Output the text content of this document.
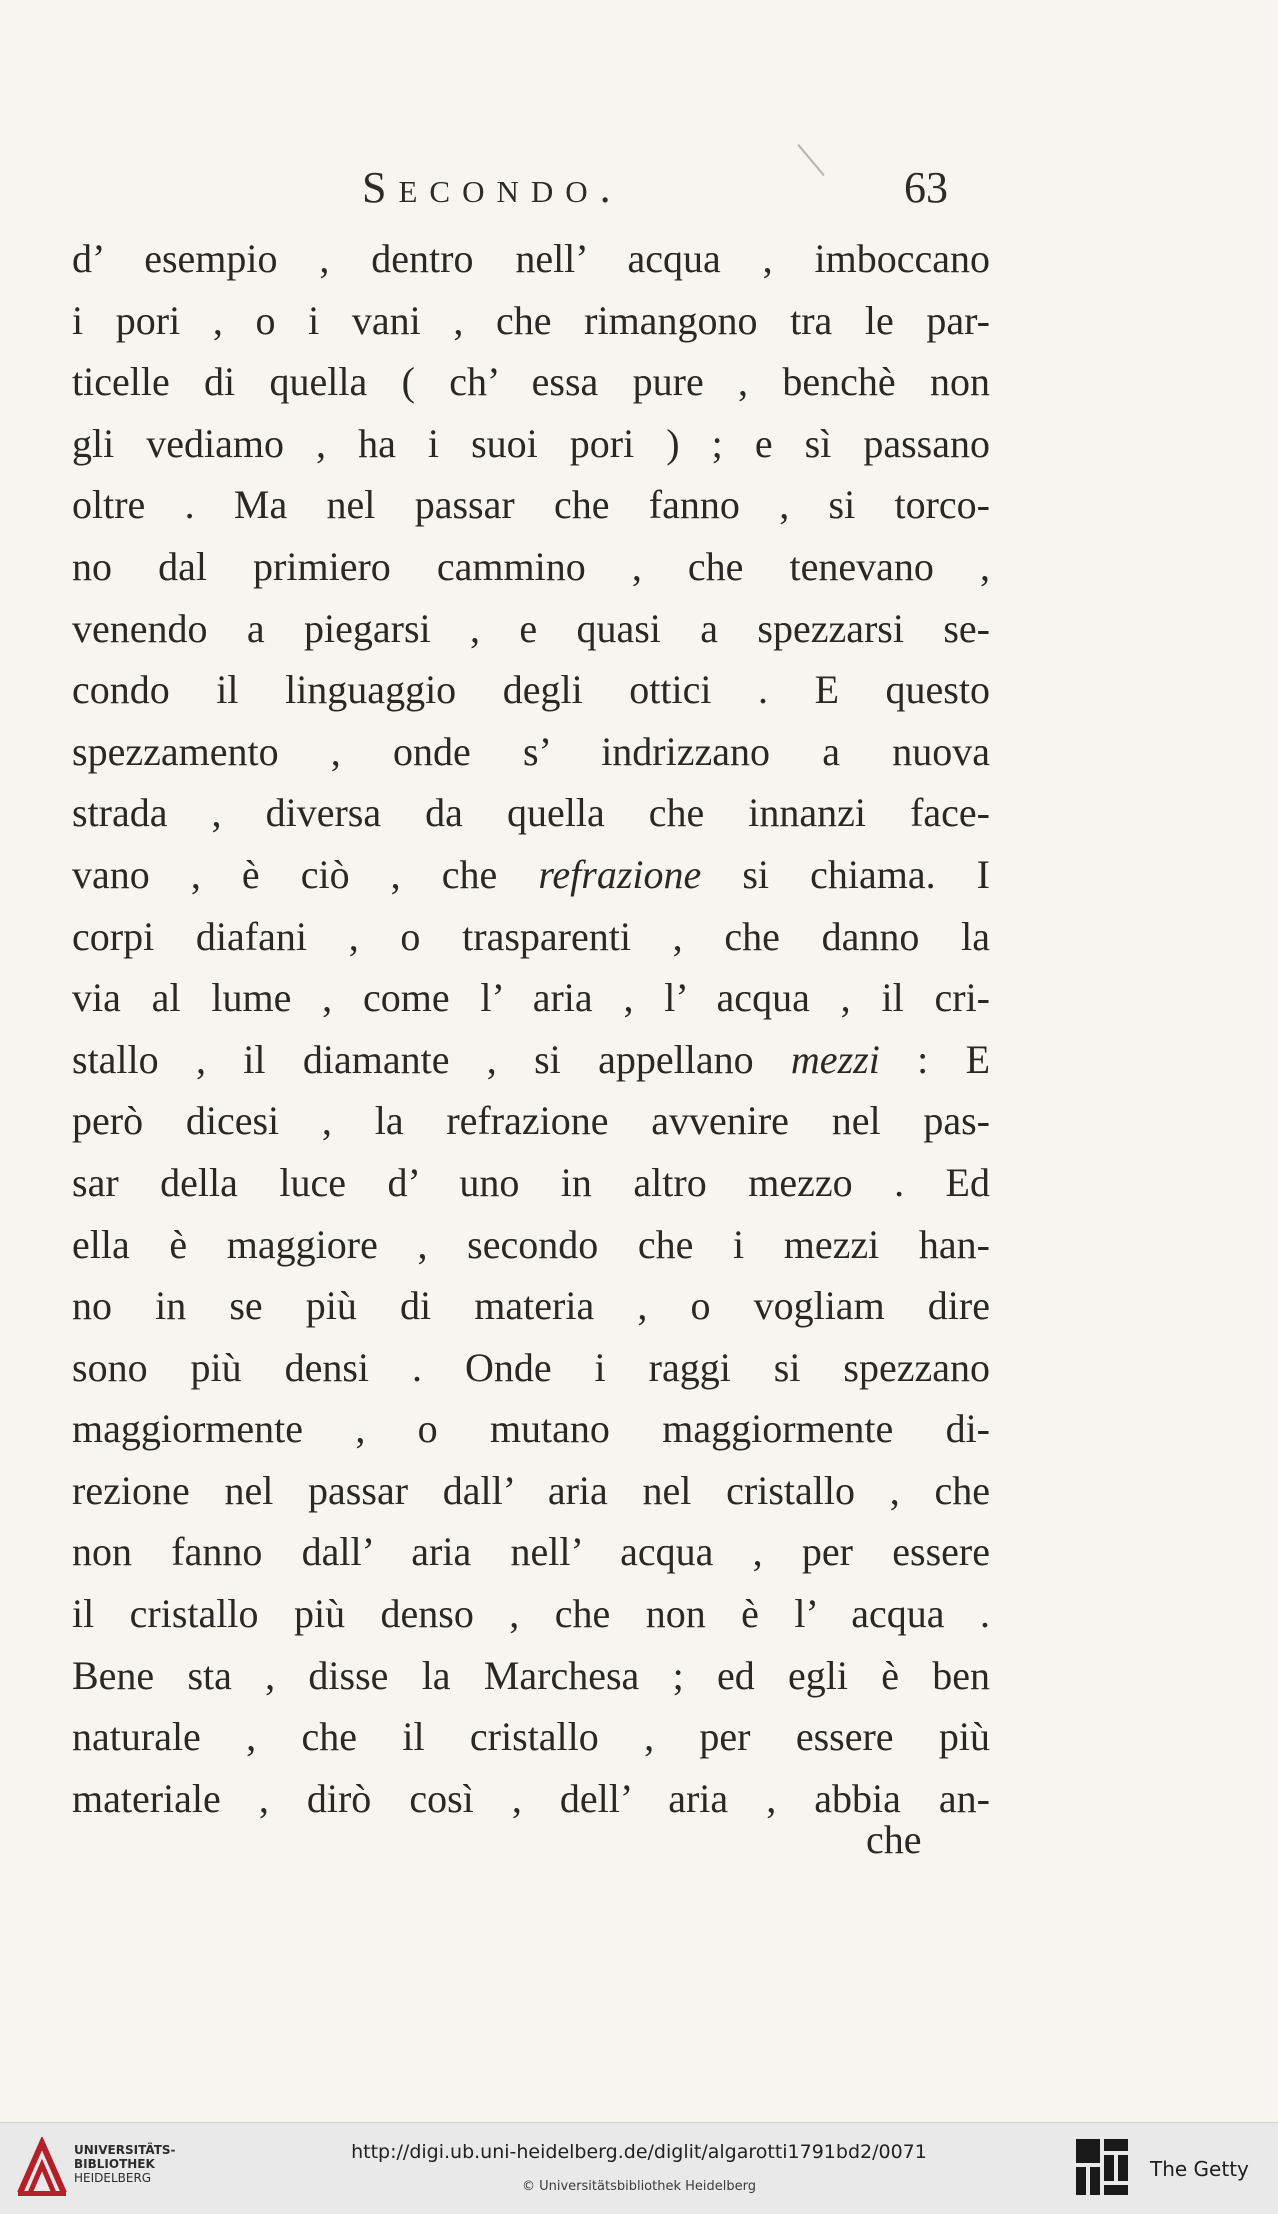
Secondo.	63
d’ esempio , dentro nell’ acqua , imboccano
i pori , o i vani , che rimangono tra le par-
ticelle di quella ( ch’ essa pure , benchè non
gli vediamo , ha i suoi pori ) ; e sì passano
oltre . Ma nel passar che fanno , si torco-
no dal primiero cammino , che tenevano ,
venendo a piegarsi , e quasi a spezzarsi se-
condo il linguaggio degli ottici . E questo
spezzamento , onde s’ indrizzano a nuova
strada , diversa da quella che innanzi face-
vano , è ciò , che refrazione si chiama. I
corpi diafani , o trasparenti , che danno la
via al lume , come l’ aria , l’ acqua , il cri-
stallo , il diamante , si appellano mezzi : E
però dicesi , la refrazione avvenire nel pas-
sar della luce d’ uno in altro mezzo . Ed
ella è maggiore , secondo che i mezzi han-
no in se più di materia , o vogliam dire
sono più densi . Onde i raggi si spezzano
maggiormente , o mutano maggiormente di-
rezione nel passar dall’ aria nel cristallo , che
non fanno dall’ aria nell’ acqua , per essere
il cristallo più denso , che non è l’ acqua .
Bene sta , disse la Marchesa ; ed egli è ben
naturale , che il cristallo , per essere più
materiale , dirò così , dell’ aria , abbia an-
che
UNIVERSITÄTS-
BIBLIOTHEK
HEIDELBERG
http://digi.ub.uni-heidelberg.de/diglit/algarotti1791bd2/0071
© Universitätsbibliothek Heidelberg
The Getty
